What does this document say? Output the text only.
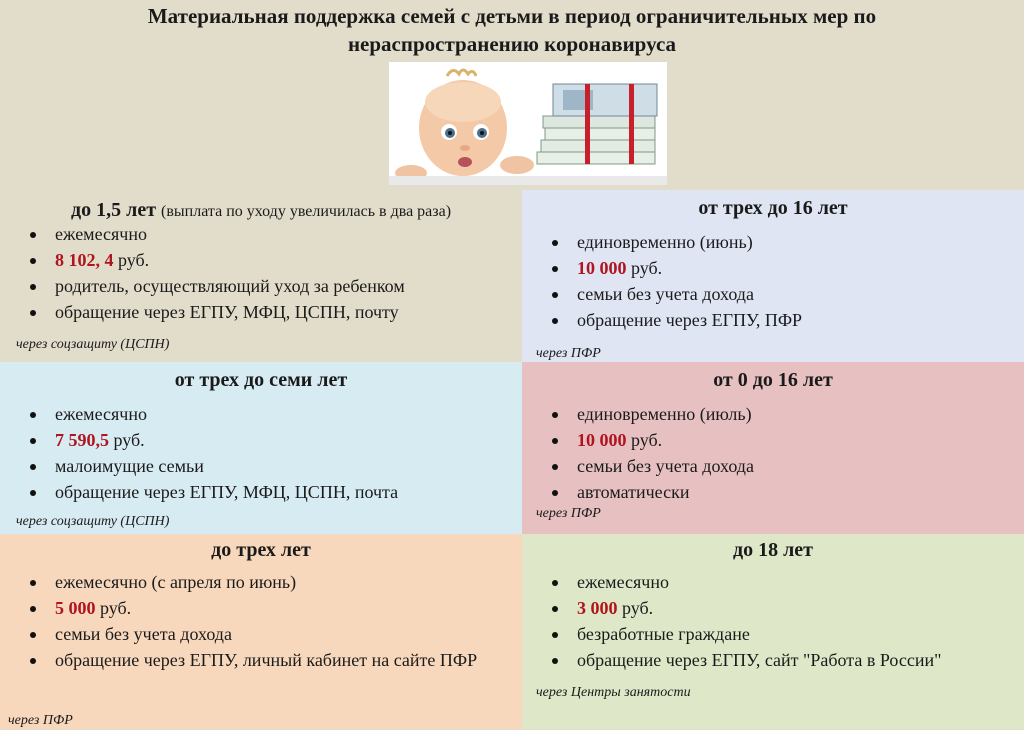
Материальная поддержка семей с детьми в период ограничительных мер по
нераспространению коронавируса
до 1,5 лет (выплата по уходу увеличилась в два раза)
ежемесячно
8 102, 4 руб.
родитель, осуществляющий уход за ребенком
обращение через ЕГПУ, МФЦ, ЦСПН, почту
через соцзащиту (ЦСПН)
от трех до 16 лет
единовременно (июнь)
10 000 руб.
семьи без учета дохода
обращение через ЕГПУ, ПФР
через ПФР
от трех до семи лет
ежемесячно
7 590,5 руб.
малоимущие семьи
обращение через ЕГПУ, МФЦ, ЦСПН, почта
через соцзащиту (ЦСПН)
от 0 до 16 лет
единовременно (июль)
10 000 руб.
семьи без учета дохода
автоматически
через ПФР
до трех лет
ежемесячно (с апреля по июнь)
5 000 руб.
семьи без учета дохода
обращение через ЕГПУ, личный кабинет на сайте ПФР
через ПФР
до 18 лет
ежемесячно
3 000 руб.
безработные граждане
обращение через ЕГПУ, сайт "Работа в России"
через Центры занятости
